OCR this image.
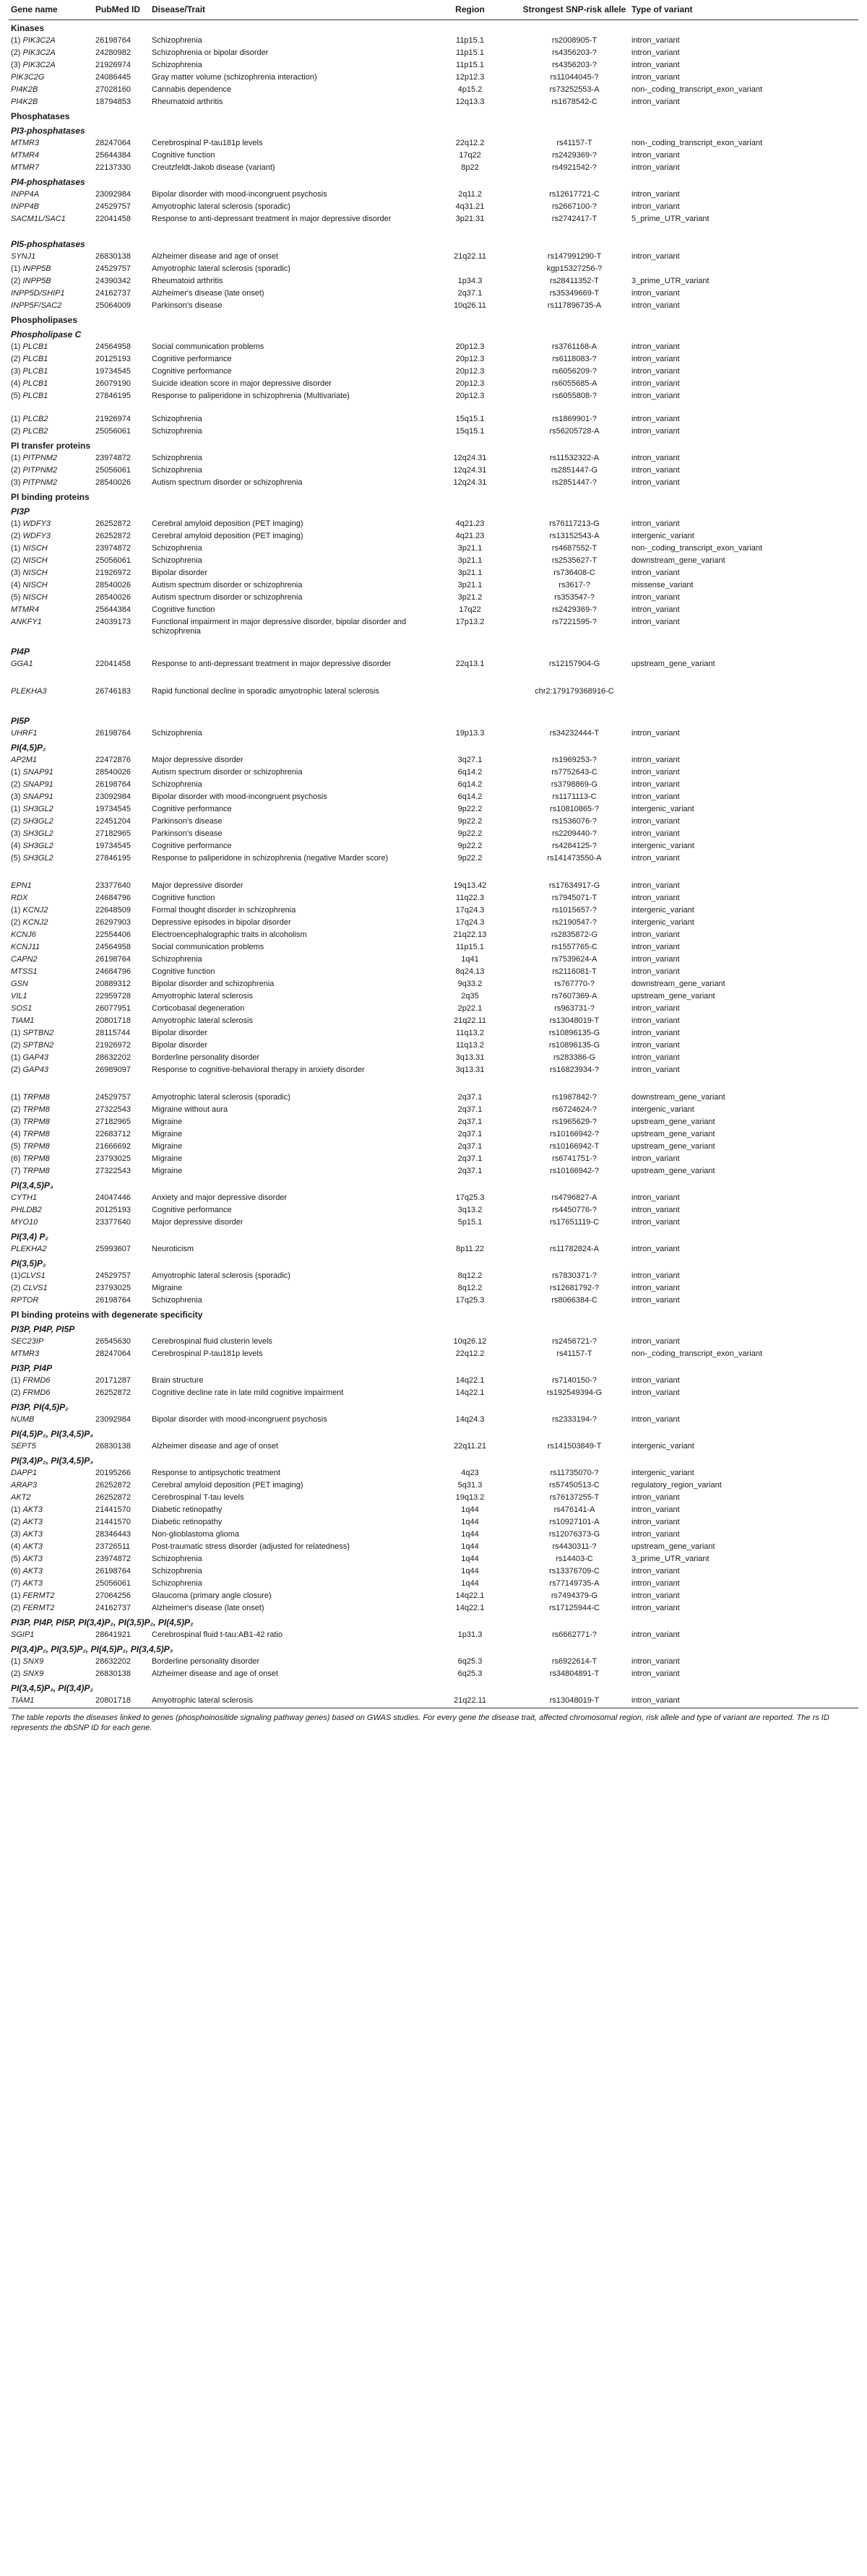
Gene name	PubMed ID	Disease/Trait	Region	Strongest SNP-risk allele	Type of variant
Kinases					
(1) PIK3C2A	26198764	Schizophrenia	11p15.1	rs2008905-T	intron_variant
(2) PIK3C2A	24280982	Schizophrenia or bipolar disorder	11p15.1	rs4356203-?	intron_variant
(3) PIK3C2A	21926974	Schizophrenia	11p15.1	rs4356203-?	intron_variant
PIK3C2G	24086445	Gray matter volume (schizophrenia interaction)	12p12.3	rs11044045-?	intron_variant
PI4K2B	27028160	Cannabis dependence	4p15.2	rs73252553-A	non-_coding_transcript_exon_variant
PI4K2B	18794853	Rheumatoid arthritis	12q13.3	rs1678542-C	intron_variant
Phosphatases					
PI3-phosphatases					
MTMR3	28247064	Cerebrospinal P-tau181p levels	22q12.2	rs41157-T	non-_coding_transcript_exon_variant
MTMR4	25644384	Cognitive function	17q22	rs2429369-?	intron_variant
MTMR7	22137330	Creutzfeldt-Jakob disease (variant)	8p22	rs4921542-?	intron_variant
PI4-phosphatases					
INPP4A	23092984	Bipolar disorder with mood-incongruent psychosis	2q11.2	rs12617721-C	intron_variant
INPP4B	24529757	Amyotrophic lateral sclerosis (sporadic)	4q31.21	rs2667100-?	intron_variant
SACM1L/SAC1	22041458	Response to anti-depressant treatment in major depressive disorder	3p21.31	rs2742417-T	5_prime_UTR_variant
PI5-phosphatases					
SYNJ1	26830138	Alzheimer disease and age of onset	21q22.11	rs147991290-T	intron_variant
(1) INPP5B	24529757	Amyotrophic lateral sclerosis (sporadic)		kgp15327256-?	
(2) INPP5B	24390342	Rheumatoid arthritis	1p34.3	rs28411352-T	3_prime_UTR_variant
INPP5D/SHIP1	24162737	Alzheimer's disease (late onset)	2q37.1	rs35349669-T	intron_variant
INPP5F/SAC2	25064009	Parkinson's disease	10q26.11	rs117896735-A	intron_variant
Phospholipases					
Phospholipase C					
(1) PLCB1	24564958	Social communication problems	20p12.3	rs3761168-A	intron_variant
(2) PLCB1	20125193	Cognitive performance	20p12.3	rs6118083-?	intron_variant
(3) PLCB1	19734545	Cognitive performance	20p12.3	rs6056209-?	intron_variant
(4) PLCB1	26079190	Suicide ideation score in major depressive disorder	20p12.3	rs6055685-A	intron_variant
(5) PLCB1	27846195	Response to paliperidone in schizophrenia (Multivariate)	20p12.3	rs6055808-?	intron_variant
(1) PLCB2	21926974	Schizophrenia	15q15.1	rs1869901-?	intron_variant
(2) PLCB2	25056061	Schizophrenia	15q15.1	rs56205728-A	intron_variant
PI transfer proteins					
(1) PITPNM2	23974872	Schizophrenia	12q24.31	rs11532322-A	intron_variant
(2) PITPNM2	25056061	Schizophrenia	12q24.31	rs2851447-G	intron_variant
(3) PITPNM2	28540026	Autism spectrum disorder or schizophrenia	12q24.31	rs2851447-?	intron_variant
PI binding proteins					
PI3P					
(1) WDFY3	26252872	Cerebral amyloid deposition (PET imaging)	4q21.23	rs76117213-G	intron_variant
(2) WDFY3	26252872	Cerebral amyloid deposition (PET imaging)	4q21.23	rs13152543-A	intergenic_variant
(1) NISCH	23974872	Schizophrenia	3p21.1	rs4687552-T	non-_coding_transcript_exon_variant
(2) NISCH	25056061	Schizophrenia	3p21.1	rs2535627-T	downstream_gene_variant
(3) NISCH	21926972	Bipolar disorder	3p21.1	rs736408-C	intron_variant
(4) NISCH	28540026	Autism spectrum disorder or schizophrenia	3p21.1	rs3617-?	missense_variant
(5) NISCH	28540026	Autism spectrum disorder or schizophrenia	3p21.2	rs353547-?	intron_variant
MTMR4	25644384	Cognitive function	17q22	rs2429369-?	intron_variant
ANKFY1	24039173	Functional impairment in major depressive disorder, bipolar disorder and schizophrenia	17p13.2	rs7221595-?	intron_variant

PI4P					
GGA1	22041458	Response to anti-depressant treatment in major depressive disorder	22q13.1	rs12157904-G	upstream_gene_variant

PLEKHA3	26746183	Rapid functional decline in sporadic amyotrophic lateral sclerosis		chr2:179179368916-C	

PI5P					
UHRF1	26198764	Schizophrenia	19p13.3	rs34232444-T	intron_variant
PI(4,5)P₂					
AP2M1	22472876	Major depressive disorder	3q27.1	rs1969253-?	intron_variant
(1) SNAP91	28540026	Autism spectrum disorder or schizophrenia	6q14.2	rs7752643-C	intron_variant
(2) SNAP91	26198764	Schizophrenia	6q14.2	rs3798869-G	intron_variant
(3) SNAP91	23092984	Bipolar disorder with mood-incongruent psychosis	6q14.2	rs1171113-C	intron_variant
(1) SH3GL2	19734545	Cognitive performance	9p22.2	rs10810865-?	intergenic_variant
(2) SH3GL2	22451204	Parkinson's disease	9p22.2	rs1536076-?	intron_variant
(3) SH3GL2	27182965	Parkinson's disease	9p22.2	rs2209440-?	intron_variant
(4) SH3GL2	19734545	Cognitive performance	9p22.2	rs4284125-?	intergenic_variant
(5) SH3GL2	27846195	Response to paliperidone in schizophrenia (negative Marder score)	9p22.2	rs141473550-A	intron_variant

EPN1	23377640	Major depressive disorder	19q13.42	rs17634917-G	intron_variant
RDX	24684796	Cognitive function	11q22.3	rs7945071-T	intron_variant
(1) KCNJ2	22648509	Formal thought disorder in schizophrenia	17q24.3	rs1015657-?	intergenic_variant
(2) KCNJ2	26297903	Depressive episodes in bipolar disorder	17q24.3	rs2190547-?	intergenic_variant
KCNJ6	22554406	Electroencephalographic traits in alcoholism	21q22.13	rs2835872-G	intron_variant
KCNJ11	24564958	Social communication problems	11p15.1	rs1557765-C	intron_variant
CAPN2	26198764	Schizophrenia	1q41	rs7539624-A	intron_variant
MTSS1	24684796	Cognitive function	8q24.13	rs2116081-T	intron_variant
GSN	20889312	Bipolar disorder and schizophrenia	9q33.2	rs767770-?	downstream_gene_variant
VIL1	22959728	Amyotrophic lateral sclerosis	2q35	rs7607369-A	upstream_gene_variant
SOS1	26077951	Corticobasal degeneration	2p22.1	rs963731-?	intron_variant
TIAM1	20801718	Amyotrophic lateral sclerosis	21q22.11	rs13048019-T	intron_variant
(1) SPTBN2	28115744	Bipolar disorder	11q13.2	rs10896135-G	intron_variant
(2) SPTBN2	21926972	Bipolar disorder	11q13.2	rs10896135-G	intron_variant
(1) GAP43	28632202	Borderline personality disorder	3q13.31	rs283386-G	intron_variant
(2) GAP43	26989097	Response to cognitive-behavioral therapy in anxiety disorder	3q13.31	rs16823934-?	intron_variant

(1) TRPM8	24529757	Amyotrophic lateral sclerosis (sporadic)	2q37.1	rs1987842-?	downstream_gene_variant
(2) TRPM8	27322543	Migraine without aura	2q37.1	rs6724624-?	intergenic_variant
(3) TRPM8	27182965	Migraine	2q37.1	rs1965629-?	upstream_gene_variant
(4) TRPM8	22683712	Migraine	2q37.1	rs10166942-?	upstream_gene_variant
(5) TRPM8	21666692	Migraine	2q37.1	rs10166942-T	upstream_gene_variant
(6) TRPM8	23793025	Migraine	2q37.1	rs6741751-?	intron_variant
(7) TRPM8	27322543	Migraine	2q37.1	rs10166942-?	upstream_gene_variant
PI(3,4,5)P₃					
CYTH1	24047446	Anxiety and major depressive disorder	17q25.3	rs4796827-A	intron_variant
PHLDB2	20125193	Cognitive performance	3q13.2	rs4450776-?	intron_variant
MYO10	23377640	Major depressive disorder	5p15.1	rs17651119-C	intron_variant
PI(3,4) P₂					
PLEKHA2	25993607	Neuroticism	8p11.22	rs11782824-A	intron_variant
PI(3,5)P₂					
(1)CLVS1	24529757	Amyotrophic lateral sclerosis (sporadic)	8q12.2	rs7830371-?	intron_variant
(2) CLVS1	23793025	Migraine	8q12.2	rs12681792-?	intron_variant
RPTOR	26198764	Schizophrenia	17q25.3	rs8066384-C	intron_variant
PI binding proteins with degenerate specificity					
PI3P, PI4P, PI5P					
SEC23IP	26545630	Cerebrospinal fluid clusterin levels	10q26.12	rs2456721-?	intron_variant
MTMR3	28247064	Cerebrospinal P-tau181p levels	22q12.2	rs41157-T	non-_coding_transcript_exon_variant
PI3P, PI4P					
(1) FRMD6	20171287	Brain structure	14q22.1	rs7140150-?	intron_variant
(2) FRMD6	26252872	Cognitive decline rate in late mild cognitive impairment	14q22.1	rs192549394-G	intron_variant
PI3P, PI(4,5)P₂					
NUMB	23092984	Bipolar disorder with mood-incongruent psychosis	14q24.3	rs2333194-?	intron_variant
PI(4,5)P₂, PI(3,4,5)P₃					
SEPT5	26830138	Alzheimer disease and age of onset	22q11.21	rs141503849-T	intergenic_variant
PI(3,4)P₂, PI(3,4,5)P₃					
DAPP1	20195266	Response to antipsychotic treatment	4q23	rs11735070-?	intergenic_variant
ARAP3	26252872	Cerebral amyloid deposition (PET imaging)	5q31.3	rs57450513-C	regulatory_region_variant
AKT2	26252872	Cerebrospinal T-tau levels	19q13.2	rs76137255-T	intron_variant
(1) AKT3	21441570	Diabetic retinopathy	1q44	rs476141-A	intron_variant
(2) AKT3	21441570	Diabetic retinopathy	1q44	rs10927101-A	intron_variant
(3) AKT3	28346443	Non-glioblastoma glioma	1q44	rs12076373-G	intron_variant
(4) AKT3	23726511	Post-traumatic stress disorder (adjusted for relatedness)	1q44	rs4430311-?	upstream_gene_variant
(5) AKT3	23974872	Schizophrenia	1q44	rs14403-C	3_prime_UTR_variant
(6) AKT3	26198764	Schizophrenia	1q44	rs13376709-C	intron_variant
(7) AKT3	25056061	Schizophrenia	1q44	rs77149735-A	intron_variant
(1) FERMT2	27064256	Glaucoma (primary angle closure)	14q22.1	rs7494379-G	intron_variant
(2) FERMT2	24162737	Alzheimer's disease (late onset)	14q22.1	rs17125944-C	intron_variant
PI3P, PI4P, PI5P, PI(3,4)P₂, PI(3,5)P₂, PI(4,5)P₂					
SGIP1	28641921	Cerebrospinal fluid t-tau:AB1-42 ratio	1p31.3	rs6662771-?	intron_variant
PI(3,4)P₂, PI(3,5)P₂, PI(4,5)P₂, PI(3,4,5)P₃					
(1) SNX9	28632202	Borderline personality disorder	6q25.3	rs6922614-T	intron_variant
(2) SNX9	26830138	Alzheimer disease and age of onset	6q25.3	rs34804891-T	intron_variant
PI(3,4,5)P₃, PI(3,4)P₂					
TIAM1	20801718	Amyotrophic lateral sclerosis	21q22.11	rs13048019-T	intron_variant
The table reports the diseases linked to genes (phosphoinositide signaling pathway genes) based on GWAS studies. For every gene the disease trait, affected chromosomal region, risk allele and type of variant are reported. The rs ID represents the dbSNP ID for each gene.
